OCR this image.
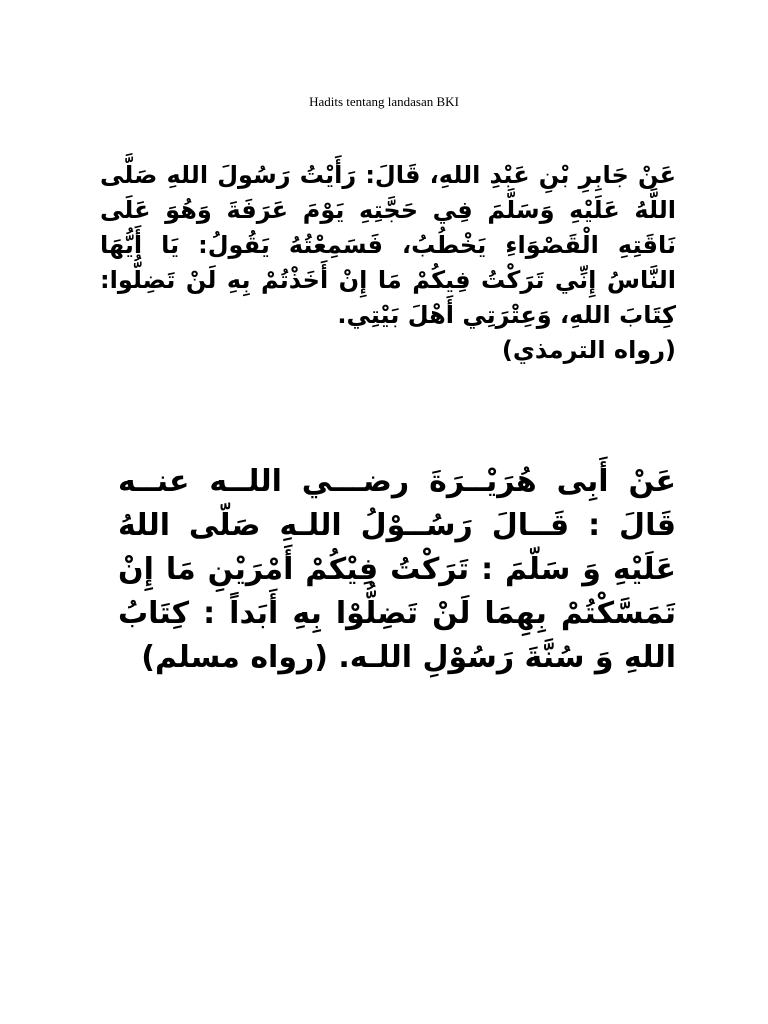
Hadits tentang landasan BKI
عَنْ جَابِرِ بْنِ عَبْدِ اللهِ، قَالَ: رَأَيْتُ رَسُولَ اللهِ صَلَّى اللَّهُ عَلَيْهِ وَسَلَّمَ فِي حَجَّتِهِ يَوْمَ عَرَفَةَ وَهُوَ عَلَى نَاقَتِهِ الْقَصْوَاءِ يَخْطُبُ، فَسَمِعْتُهُ يَقُولُ: يَا أَيُّهَا النَّاسُ إِنِّي تَرَكْتُ فِيكُمْ مَا إِنْ أَخَذْتُمْ بِهِ لَنْ تَضِلُّوا: كِتَابَ اللهِ، وَعِتْرَتِي أَهْلَ بَيْتِي.
(رواه الترمذي)
عَنْ أَبِى هُرَيْــرَةَ رضـــي اللــه عنــه قَالَ : قَــالَ رَسُــوْلُ اللـهِ صَلّى اللهُ عَلَيْهِ وَ سَلّمَ : تَرَكْتُ فِيْكُمْ أَمْرَيْنِ مَا إِنْ تَمَسَّكْتُمْ بِهِمَا لَنْ تَضِلُّوْا بِهِ أَبَداً : كِتَابُ اللهِ وَ سُنَّةَ رَسُوْلِ اللـه. (رواه مسلم)
